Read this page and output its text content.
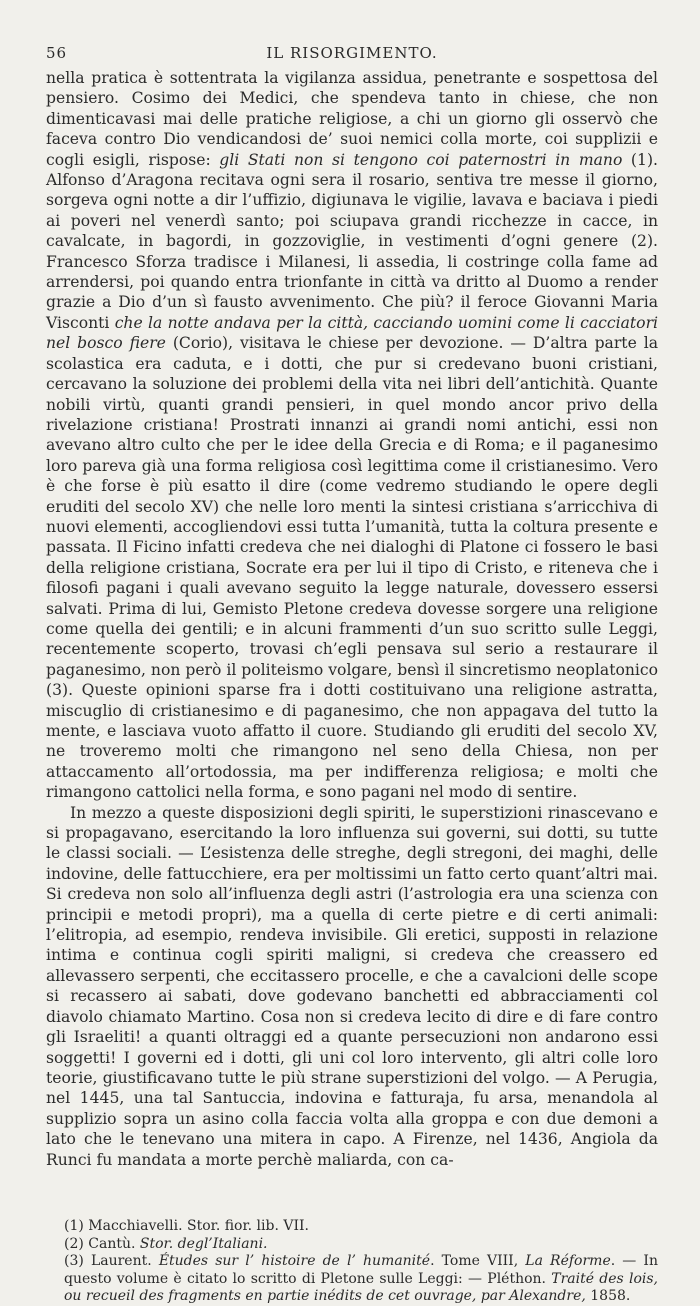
56	IL RISORGIMENTO.

nella pratica è sottentrata la vigilanza assidua, penetrante e sospettosa del pensiero. Cosimo dei Medici, che spendeva tanto in chiese, che non dimenticavasi mai delle pratiche religiose, a chi un giorno gli osservò che faceva contro Dio vendicandosi de’ suoi nemici colla morte, coi supplizii e cogli esigli, rispose: gli Stati non si tengono coi paternostri in mano (1). Alfonso d’Aragona recitava ogni sera il rosario, sentiva tre messe il giorno, sorgeva ogni notte a dir l’uffizio, digiunava le vigilie, lavava e baciava i piedi ai poveri nel venerdì santo; poi sciupava grandi ricchezze in cacce, in cavalcate, in bagordi, in gozzoviglie, in vestimenti d’ogni genere (2). Francesco Sforza tradisce i Milanesi, li assedia, li costringe colla fame ad arrendersi, poi quando entra trionfante in città va dritto al Duomo a render grazie a Dio d’un sì fausto avvenimento. Che più? il feroce Giovanni Maria Visconti che la notte andava per la città, cacciando uomini come li cacciatori nel bosco fiere (Corio), visitava le chiese per devozione. — D’altra parte la scolastica era caduta, e i dotti, che pur si credevano buoni cristiani, cercavano la soluzione dei problemi della vita nei libri dell’antichità. Quante nobili virtù, quanti grandi pensieri, in quel mondo ancor privo della rivelazione cristiana! Prostrati innanzi ai grandi nomi antichi, essi non avevano altro culto che per le idee della Grecia e di Roma; e il paganesimo loro pareva già una forma religiosa così legittima come il cristianesimo. Vero è che forse è più esatto il dire (come vedremo studiando le opere degli eruditi del secolo XV) che nelle loro menti la sintesi cristiana s’arricchiva di nuovi elementi, accogliendovi essi tutta l’umanità, tutta la coltura presente e passata. Il Ficino infatti credeva che nei dialoghi di Platone ci fossero le basi della religione cristiana, Socrate era per lui il tipo di Cristo, e riteneva che i filosofi pagani i quali avevano seguito la legge naturale, dovessero essersi salvati. Prima di lui, Gemisto Pletone credeva dovesse sorgere una religione come quella dei gentili; e in alcuni frammenti d’un suo scritto sulle Leggi, recentemente scoperto, trovasi ch’egli pensava sul serio a restaurare il paganesimo, non però il politeismo volgare, bensì il sincretismo neoplatonico (3). Queste opinioni sparse fra i dotti costituivano una religione astratta, miscuglio di cristianesimo e di paganesimo, che non appagava del tutto la mente, e lasciava vuoto affatto il cuore. Studiando gli eruditi del secolo XV, ne troveremo molti che rimangono nel seno della Chiesa, non per attaccamento all’ortodossia, ma per indifferenza religiosa; e molti che rimangono cattolici nella forma, e sono pagani nel modo di sentire.

In mezzo a queste disposizioni degli spiriti, le superstizioni rinascevano e si propagavano, esercitando la loro influenza sui governi, sui dotti, su tutte le classi sociali. — L’esistenza delle streghe, degli stregoni, dei maghi, delle indovine, delle fattucchiere, era per moltissimi un fatto certo quant’altri mai. Si credeva non solo all’influenza degli astri (l’astrologia era una scienza con principii e metodi propri), ma a quella di certe pietre e di certi animali: l’elitropia, ad esempio, rendeva invisibile. Gli eretici, supposti in relazione intima e continua cogli spiriti maligni, si credeva che creassero ed allevassero serpenti, che eccitassero procelle, e che a cavalcioni delle scope si recassero ai sabati, dove godevano banchetti ed abbracciamenti col diavolo chiamato Martino. Cosa non si credeva lecito di dire e di fare contro gli Israeliti! a quanti oltraggi ed a quante persecuzioni non andarono essi soggetti! I governi ed i dotti, gli uni col loro intervento, gli altri colle loro teorie, giustificavano tutte le più strane superstizioni del volgo. — A Perugia, nel 1445, una tal Santuccia, indovina e fatturaja, fu arsa, menandola al supplizio sopra un asino colla faccia volta alla groppa e con due demoni a lato che le tenevano una mitera in capo. A Firenze, nel 1436, Angiola da Runci fu mandata a morte perchè maliarda, con ca-

(1) Macchiavelli. Stor. fior. lib. VII.

(2) Cantù. Stor. degl’Italiani.

(3) Laurent. Études sur l’ histoire de l’ humanité. Tome VIII, La Réforme. — In questo volume è citato lo scritto di Pletone sulle Leggi: — Pléthon. Traité des lois, ou recueil des fragments en partie inédits de cet ouvrage, par Alexandre, 1858.
